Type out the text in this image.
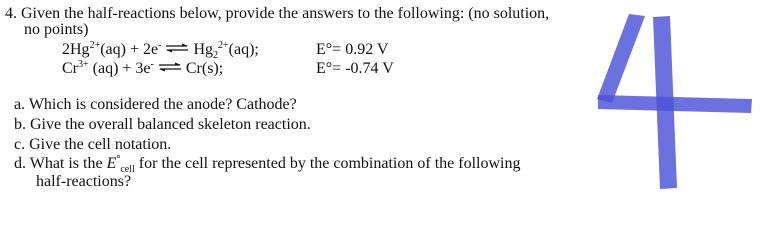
4. Given the half-reactions below, provide the answers to the following: (no solution,
no points)
$2Hg^{2+}(aq) + 2e^-$ ⇌ $Hg_2^{2+}(aq)$;	E°= 0.92 V
$Cr^{3+}$ (aq) + 3e- ⇌ Cr(s);	E°= -0.74 V
a. Which is considered the anode? Cathode?
b. Give the overall balanced skeleton reaction.
c. Give the cell notation.
d. What is the $E^\circ_{cell}$ for the cell represented by the combination of the following
half-reactions?
